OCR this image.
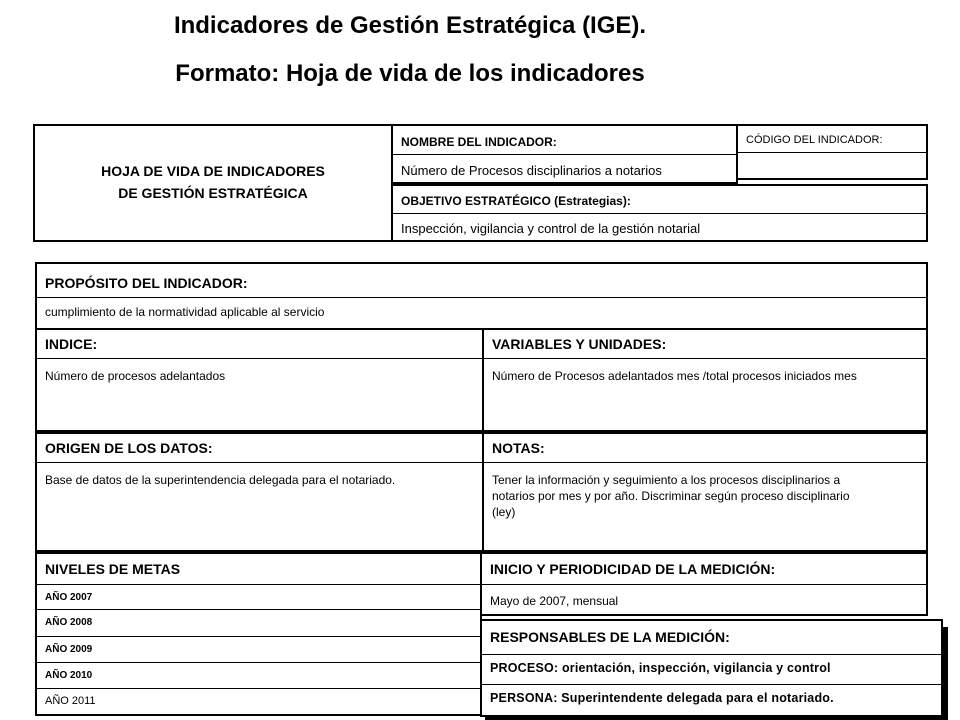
Indicadores de Gestión Estratégica (IGE).
Formato: Hoja de vida de los indicadores
HOJA DE VIDA DE INDICADORES
DE GESTIÓN ESTRATÉGICA
NOMBRE DEL INDICADOR:
Número de Procesos disciplinarios a notarios
CÓDIGO DEL INDICADOR:
OBJETIVO ESTRATÉGICO (Estrategias):
Inspección, vigilancia y control de la gestión notarial
PROPÓSITO DEL INDICADOR:
cumplimiento de la normatividad aplicable al servicio
INDICE:
Número de procesos adelantados
VARIABLES Y UNIDADES:
Número de Procesos adelantados mes /total procesos iniciados mes
ORIGEN DE LOS DATOS:
Base de datos de la superintendencia delegada para el notariado.
NOTAS:
Tener la información y seguimiento a los procesos disciplinarios a notarios por mes y por año. Discriminar según proceso disciplinario (ley)
NIVELES DE METAS
AÑO 2007
AÑO 2008
AÑO 2009
AÑO 2010
AÑO 2011
INICIO Y PERIODICIDAD DE LA MEDICIÓN:
Mayo de 2007, mensual
RESPONSABLES DE LA MEDICIÓN:
PROCESO: orientación, inspección, vigilancia y control
PERSONA: Superintendente delegada para el notariado.
